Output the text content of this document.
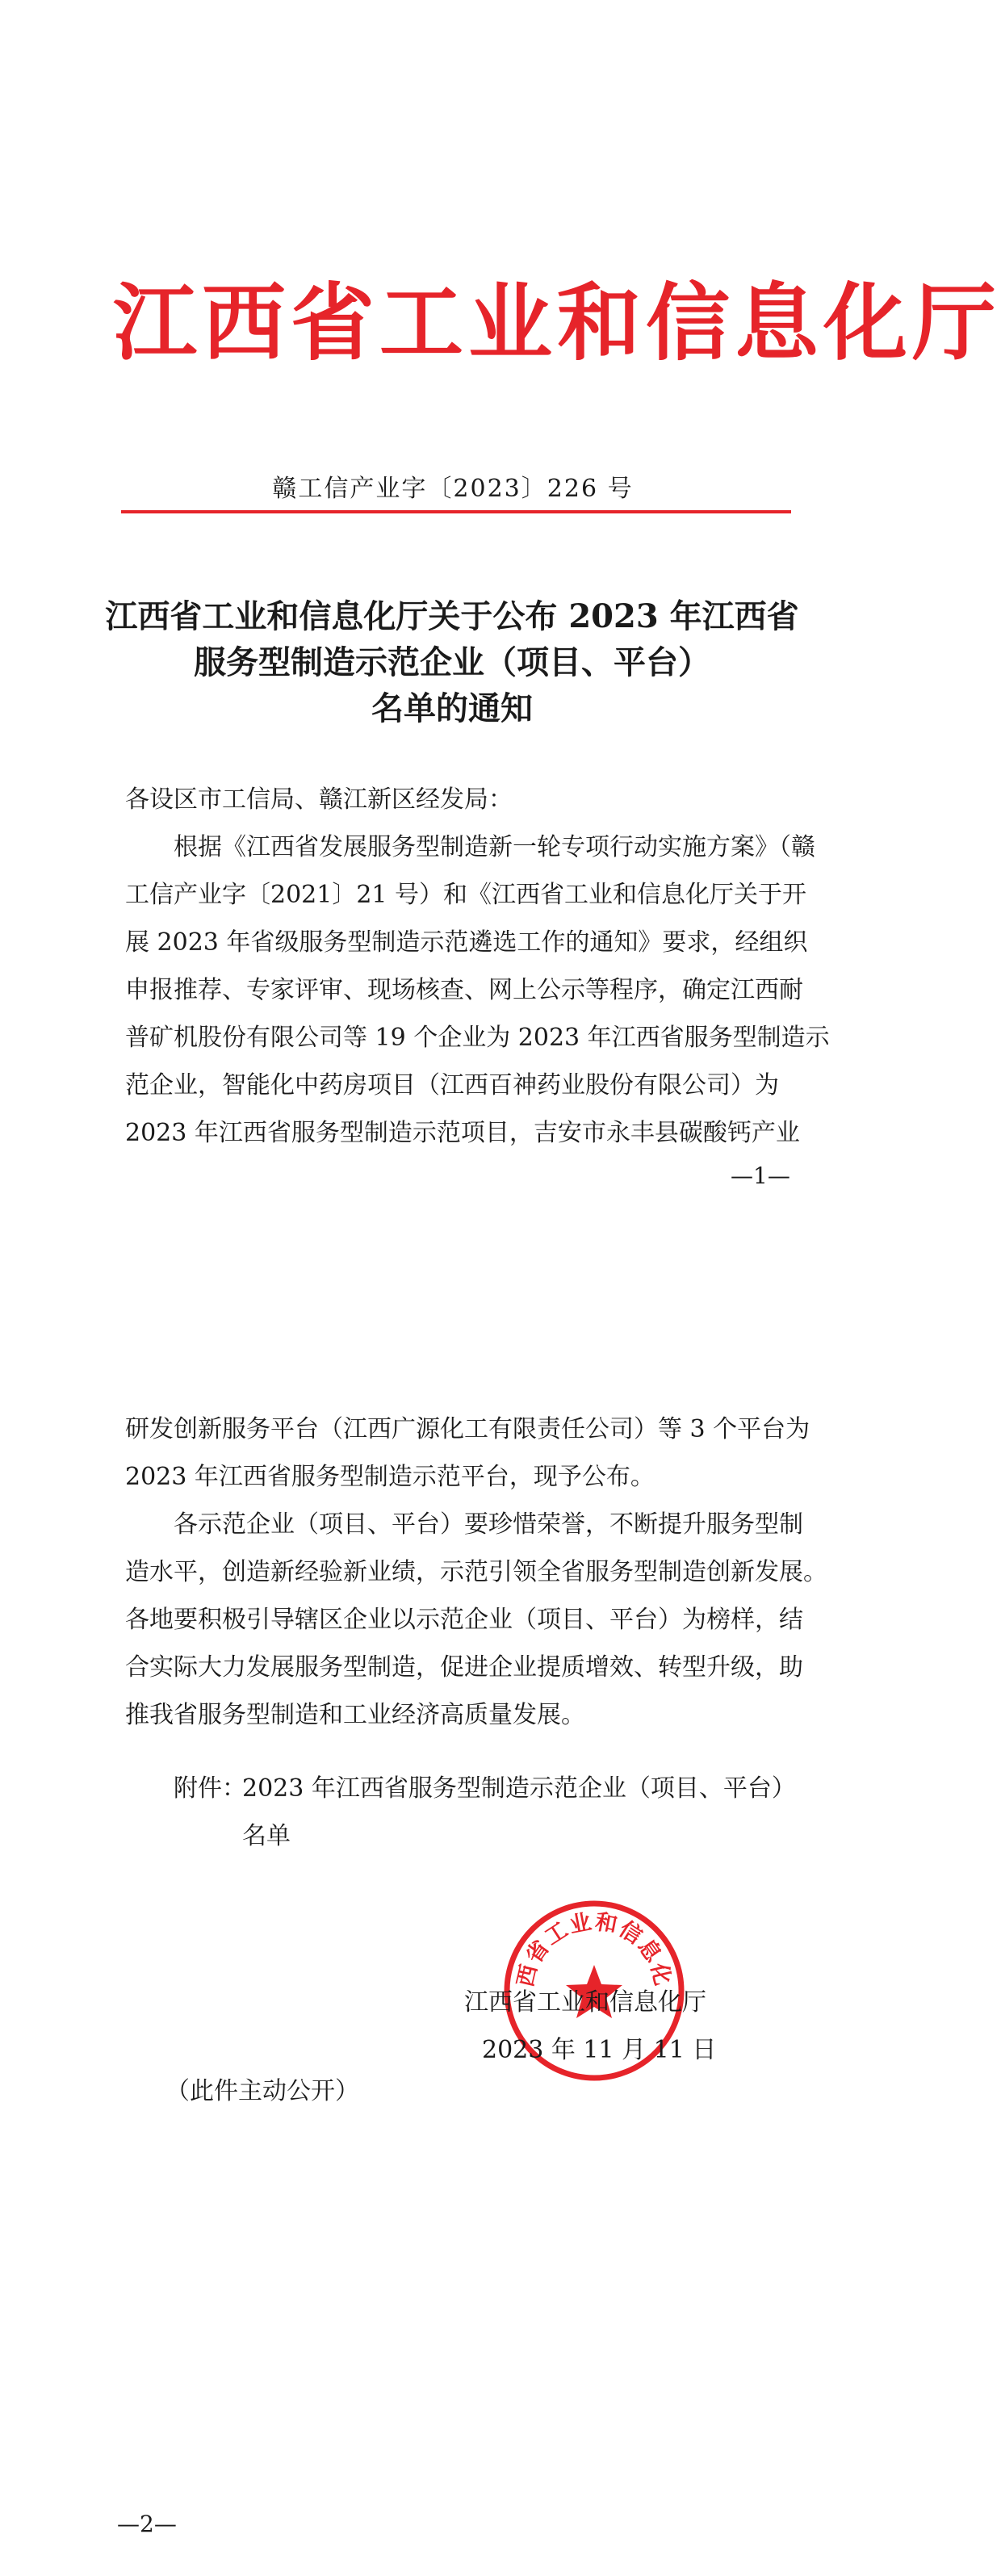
江西省工业和信息化厅
赣工信产业字〔2023〕226 号
江西省工业和信息化厅关于公布 2023 年江西省
服务型制造示范企业（项目、平台）
名单的通知
各设区市工信局、赣江新区经发局：
　　根据《江西省发展服务型制造新一轮专项行动实施方案》（赣
工信产业字〔2021〕21 号）和《江西省工业和信息化厅关于开
展 2023 年省级服务型制造示范遴选工作的通知》要求，经组织
申报推荐、专家评审、现场核查、网上公示等程序，确定江西耐
普矿机股份有限公司等 19 个企业为 2023 年江西省服务型制造示
范企业，智能化中药房项目（江西百神药业股份有限公司）为
2023 年江西省服务型制造示范项目，吉安市永丰县碳酸钙产业
—1—
研发创新服务平台（江西广源化工有限责任公司）等 3 个平台为
2023 年江西省服务型制造示范平台，现予公布。
　　各示范企业（项目、平台）要珍惜荣誉，不断提升服务型制
造水平，创造新经验新业绩，示范引领全省服务型制造创新发展。
各地要积极引导辖区企业以示范企业（项目、平台）为榜样，结
合实际大力发展服务型制造，促进企业提质增效、转型升级，助
推我省服务型制造和工业经济高质量发展。
附件：
2023 年江西省服务型制造示范企业（项目、平台）
名单
西省工业和信息化
江西省工业和信息化厅
2023 年 11 月 11 日
（此件主动公开）
—2—
